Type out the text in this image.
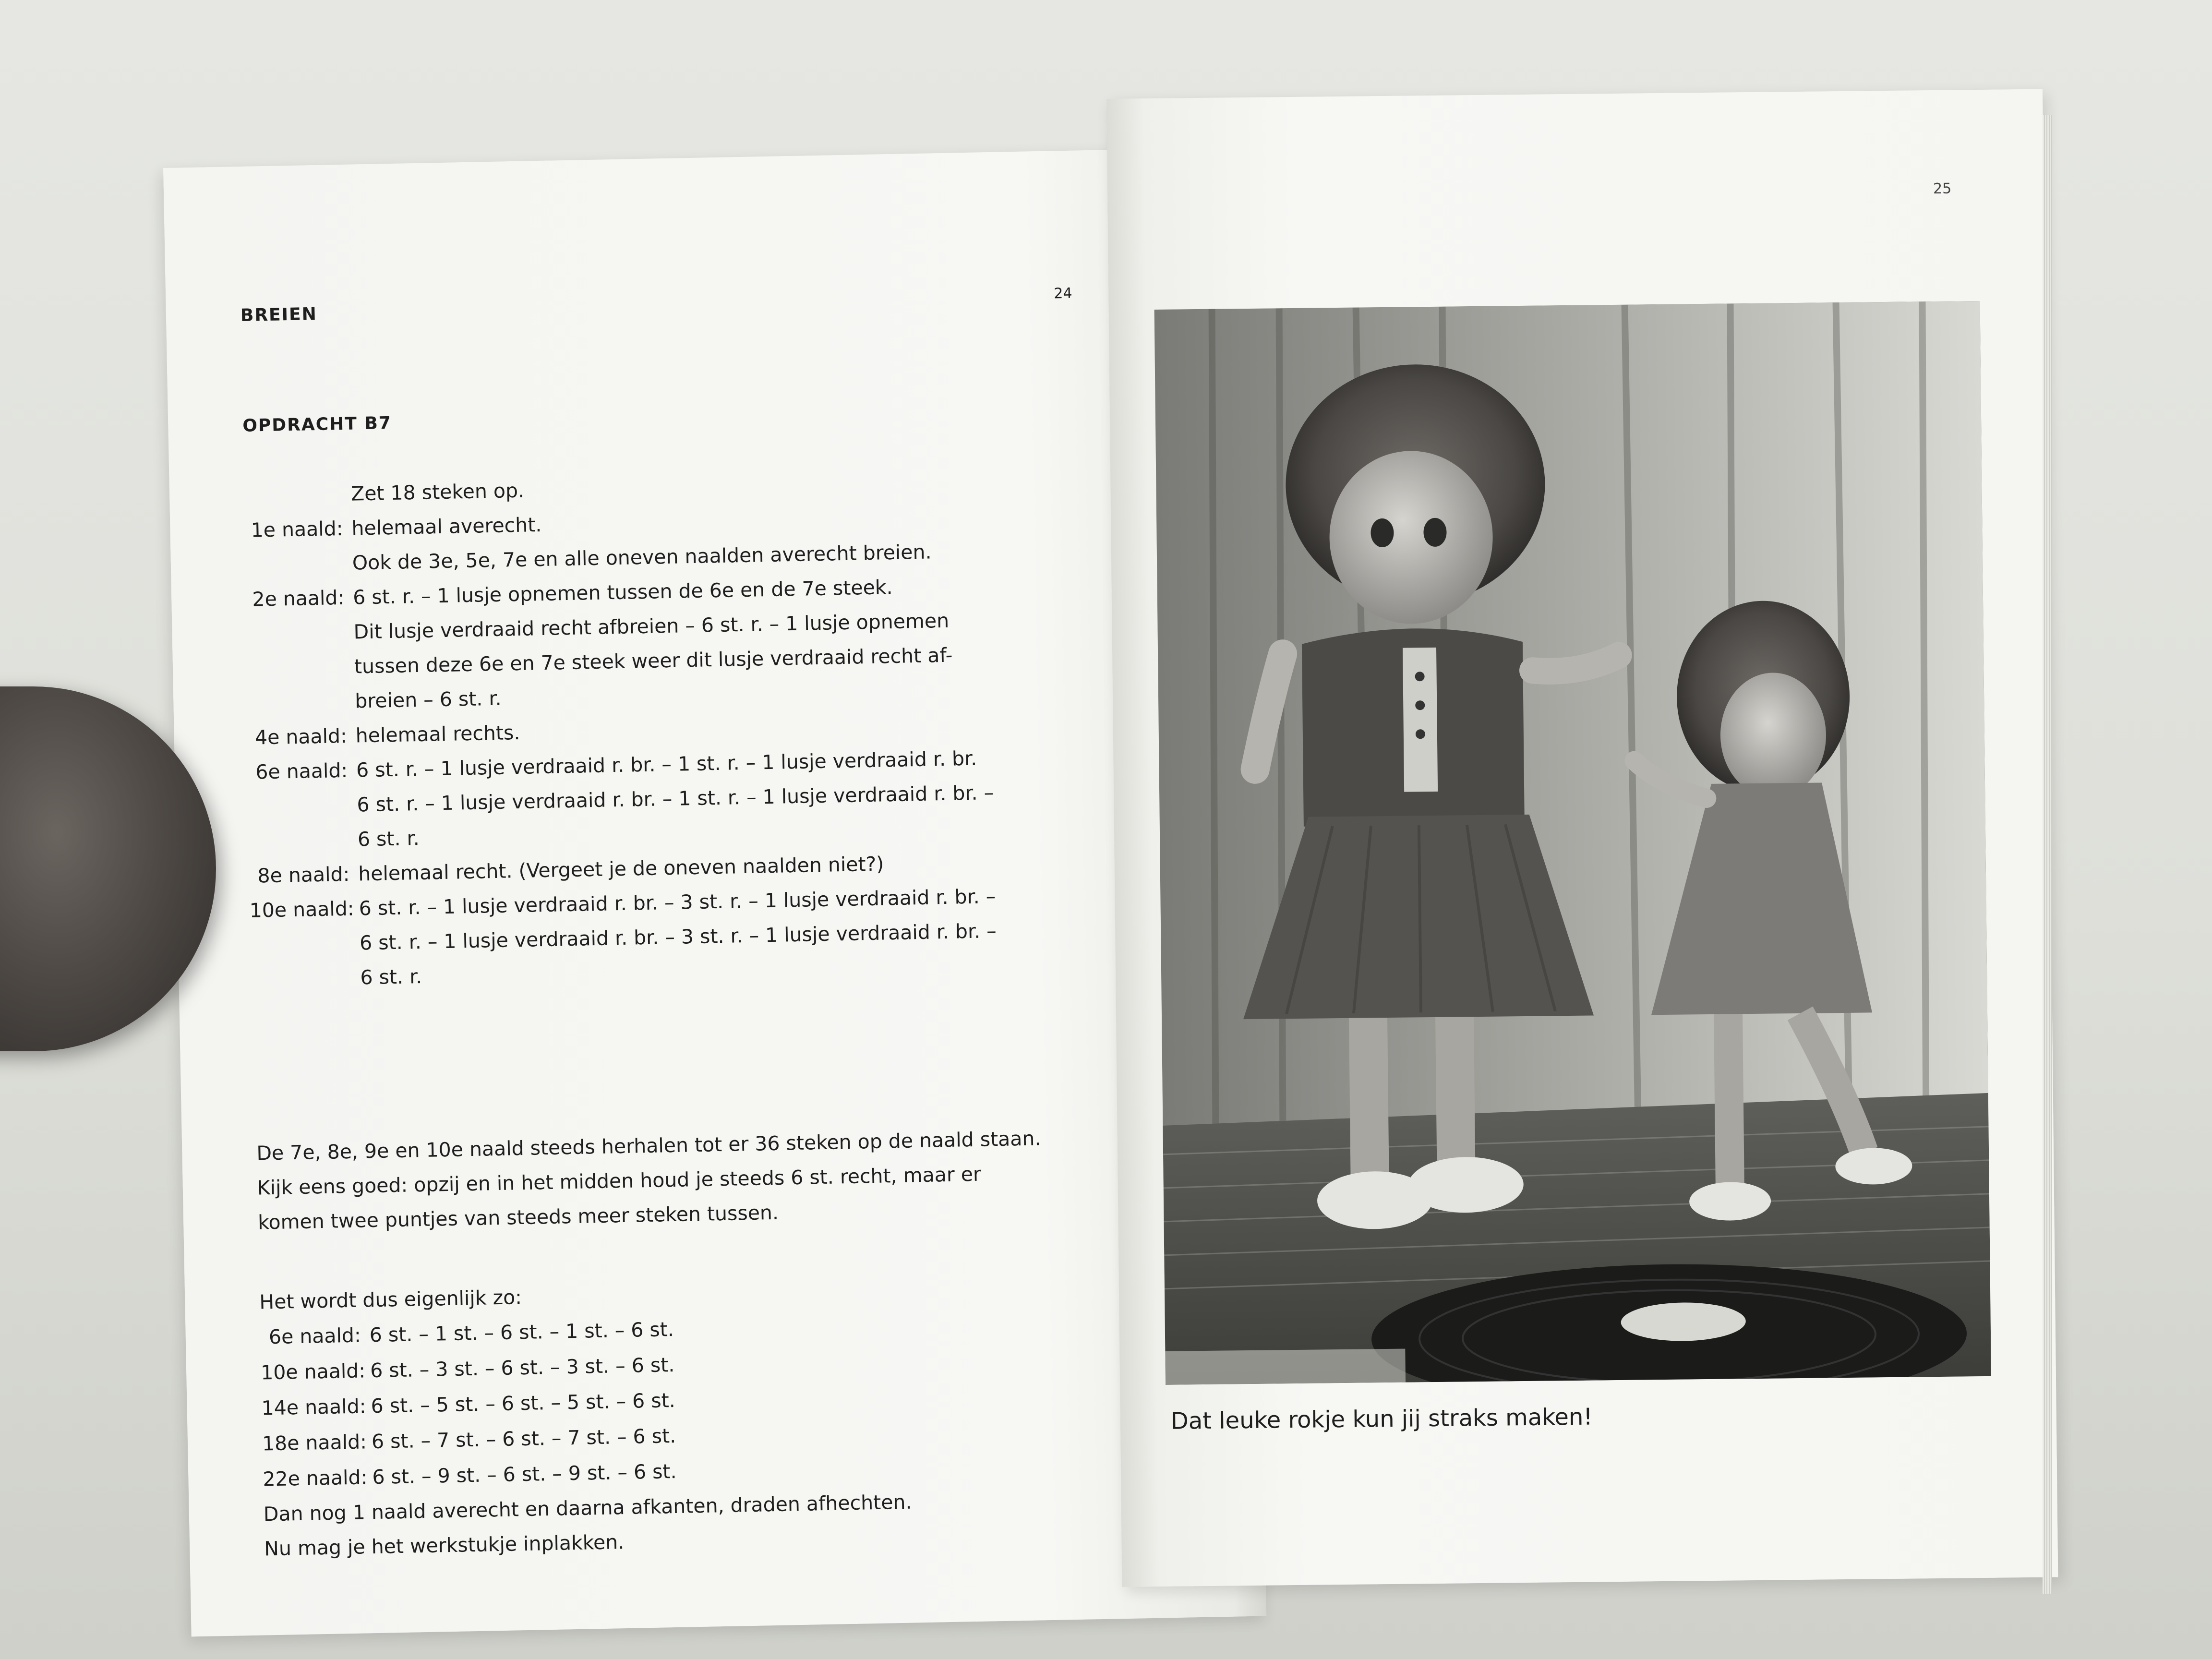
BREIEN
24
OPDRACHT B7
Zet 18 steken op.
1e naald: helemaal averecht.
Ook de 3e, 5e, 7e en alle oneven naalden averecht breien.
2e naald: 6 st. r. – 1 lusje opnemen tussen de 6e en de 7e steek.
Dit lusje verdraaid recht afbreien – 6 st. r. – 1 lusje opnemen
tussen deze 6e en 7e steek weer dit lusje verdraaid recht af-
breien – 6 st. r.
4e naald: helemaal rechts.
6e naald: 6 st. r. – 1 lusje verdraaid r. br. – 1 st. r. – 1 lusje verdraaid r. br.
6 st. r. – 1 lusje verdraaid r. br. – 1 st. r. – 1 lusje verdraaid r. br. –
6 st. r.
8e naald: helemaal recht. (Vergeet je de oneven naalden niet?)
10e naald: 6 st. r. – 1 lusje verdraaid r. br. – 3 st. r. – 1 lusje verdraaid r. br. –
6 st. r. – 1 lusje verdraaid r. br. – 3 st. r. – 1 lusje verdraaid r. br. –
6 st. r.
De 7e, 8e, 9e en 10e naald steeds herhalen tot er 36 steken op de naald staan.
Kijk eens goed: opzij en in het midden houd je steeds 6 st. recht, maar er
komen twee puntjes van steeds meer steken tussen.
Het wordt dus eigenlijk zo:
6e naald: 6 st. – 1 st. – 6 st. – 1 st. – 6 st.
10e naald: 6 st. – 3 st. – 6 st. – 3 st. – 6 st.
14e naald: 6 st. – 5 st. – 6 st. – 5 st. – 6 st.
18e naald: 6 st. – 7 st. – 6 st. – 7 st. – 6 st.
22e naald: 6 st. – 9 st. – 6 st. – 9 st. – 6 st.
Dan nog 1 naald averecht en daarna afkanten, draden afhechten.
Nu mag je het werkstukje inplakken.
25
Dat leuke rokje kun jij straks maken!
